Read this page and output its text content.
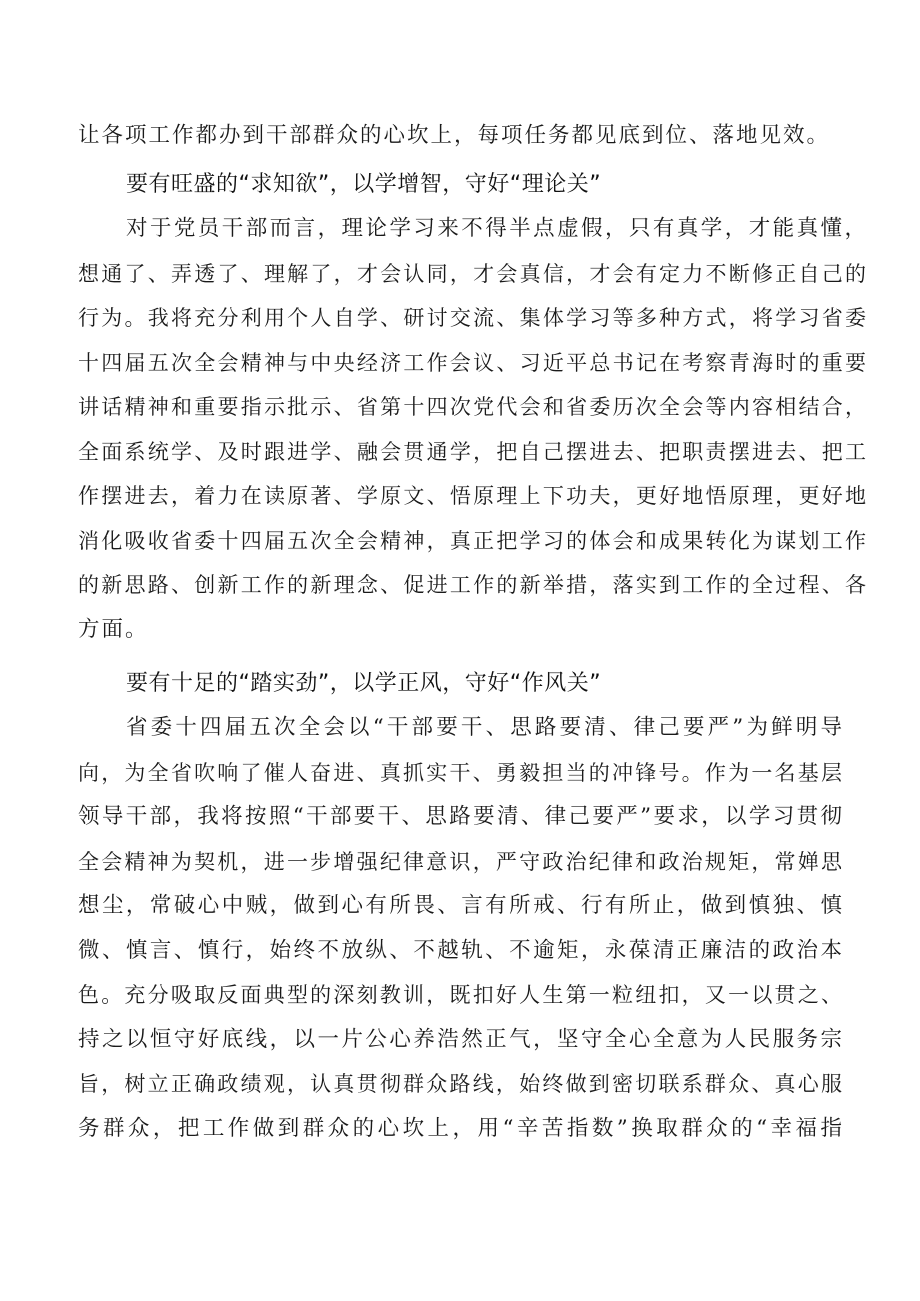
让各项工作都办到干部群众的心坎上，每项任务都见底到位、落地见效。
要有旺盛的“求知欲”，以学增智，守好“理论关”
对于党员干部而言，理论学习来不得半点虚假，只有真学，才能真懂，
想通了、弄透了、理解了，才会认同，才会真信，才会有定力不断修正自己的
行为。我将充分利用个人自学、研讨交流、集体学习等多种方式，将学习省委
十四届五次全会精神与中央经济工作会议、习近平总书记在考察青海时的重要
讲话精神和重要指示批示、省第十四次党代会和省委历次全会等内容相结合，
全面系统学、及时跟进学、融会贯通学，把自己摆进去、把职责摆进去、把工
作摆进去，着力在读原著、学原文、悟原理上下功夫，更好地悟原理，更好地
消化吸收省委十四届五次全会精神，真正把学习的体会和成果转化为谋划工作
的新思路、创新工作的新理念、促进工作的新举措，落实到工作的全过程、各
方面。
要有十足的“踏实劲”，以学正风，守好“作风关”
省委十四届五次全会以“干部要干、思路要清、律己要严”为鲜明导
向，为全省吹响了催人奋进、真抓实干、勇毅担当的冲锋号。作为一名基层
领导干部，我将按照“干部要干、思路要清、律己要严”要求，以学习贯彻
全会精神为契机，进一步增强纪律意识，严守政治纪律和政治规矩，常婵思
想尘，常破心中贼，做到心有所畏、言有所戒、行有所止，做到慎独、慎
微、慎言、慎行，始终不放纵、不越轨、不逾矩，永葆清正廉洁的政治本
色。充分吸取反面典型的深刻教训，既扣好人生第一粒纽扣，又一以贯之、
持之以恒守好底线，以一片公心养浩然正气，坚守全心全意为人民服务宗
旨，树立正确政绩观，认真贯彻群众路线，始终做到密切联系群众、真心服
务群众，把工作做到群众的心坎上，用“辛苦指数”换取群众的“幸福指
